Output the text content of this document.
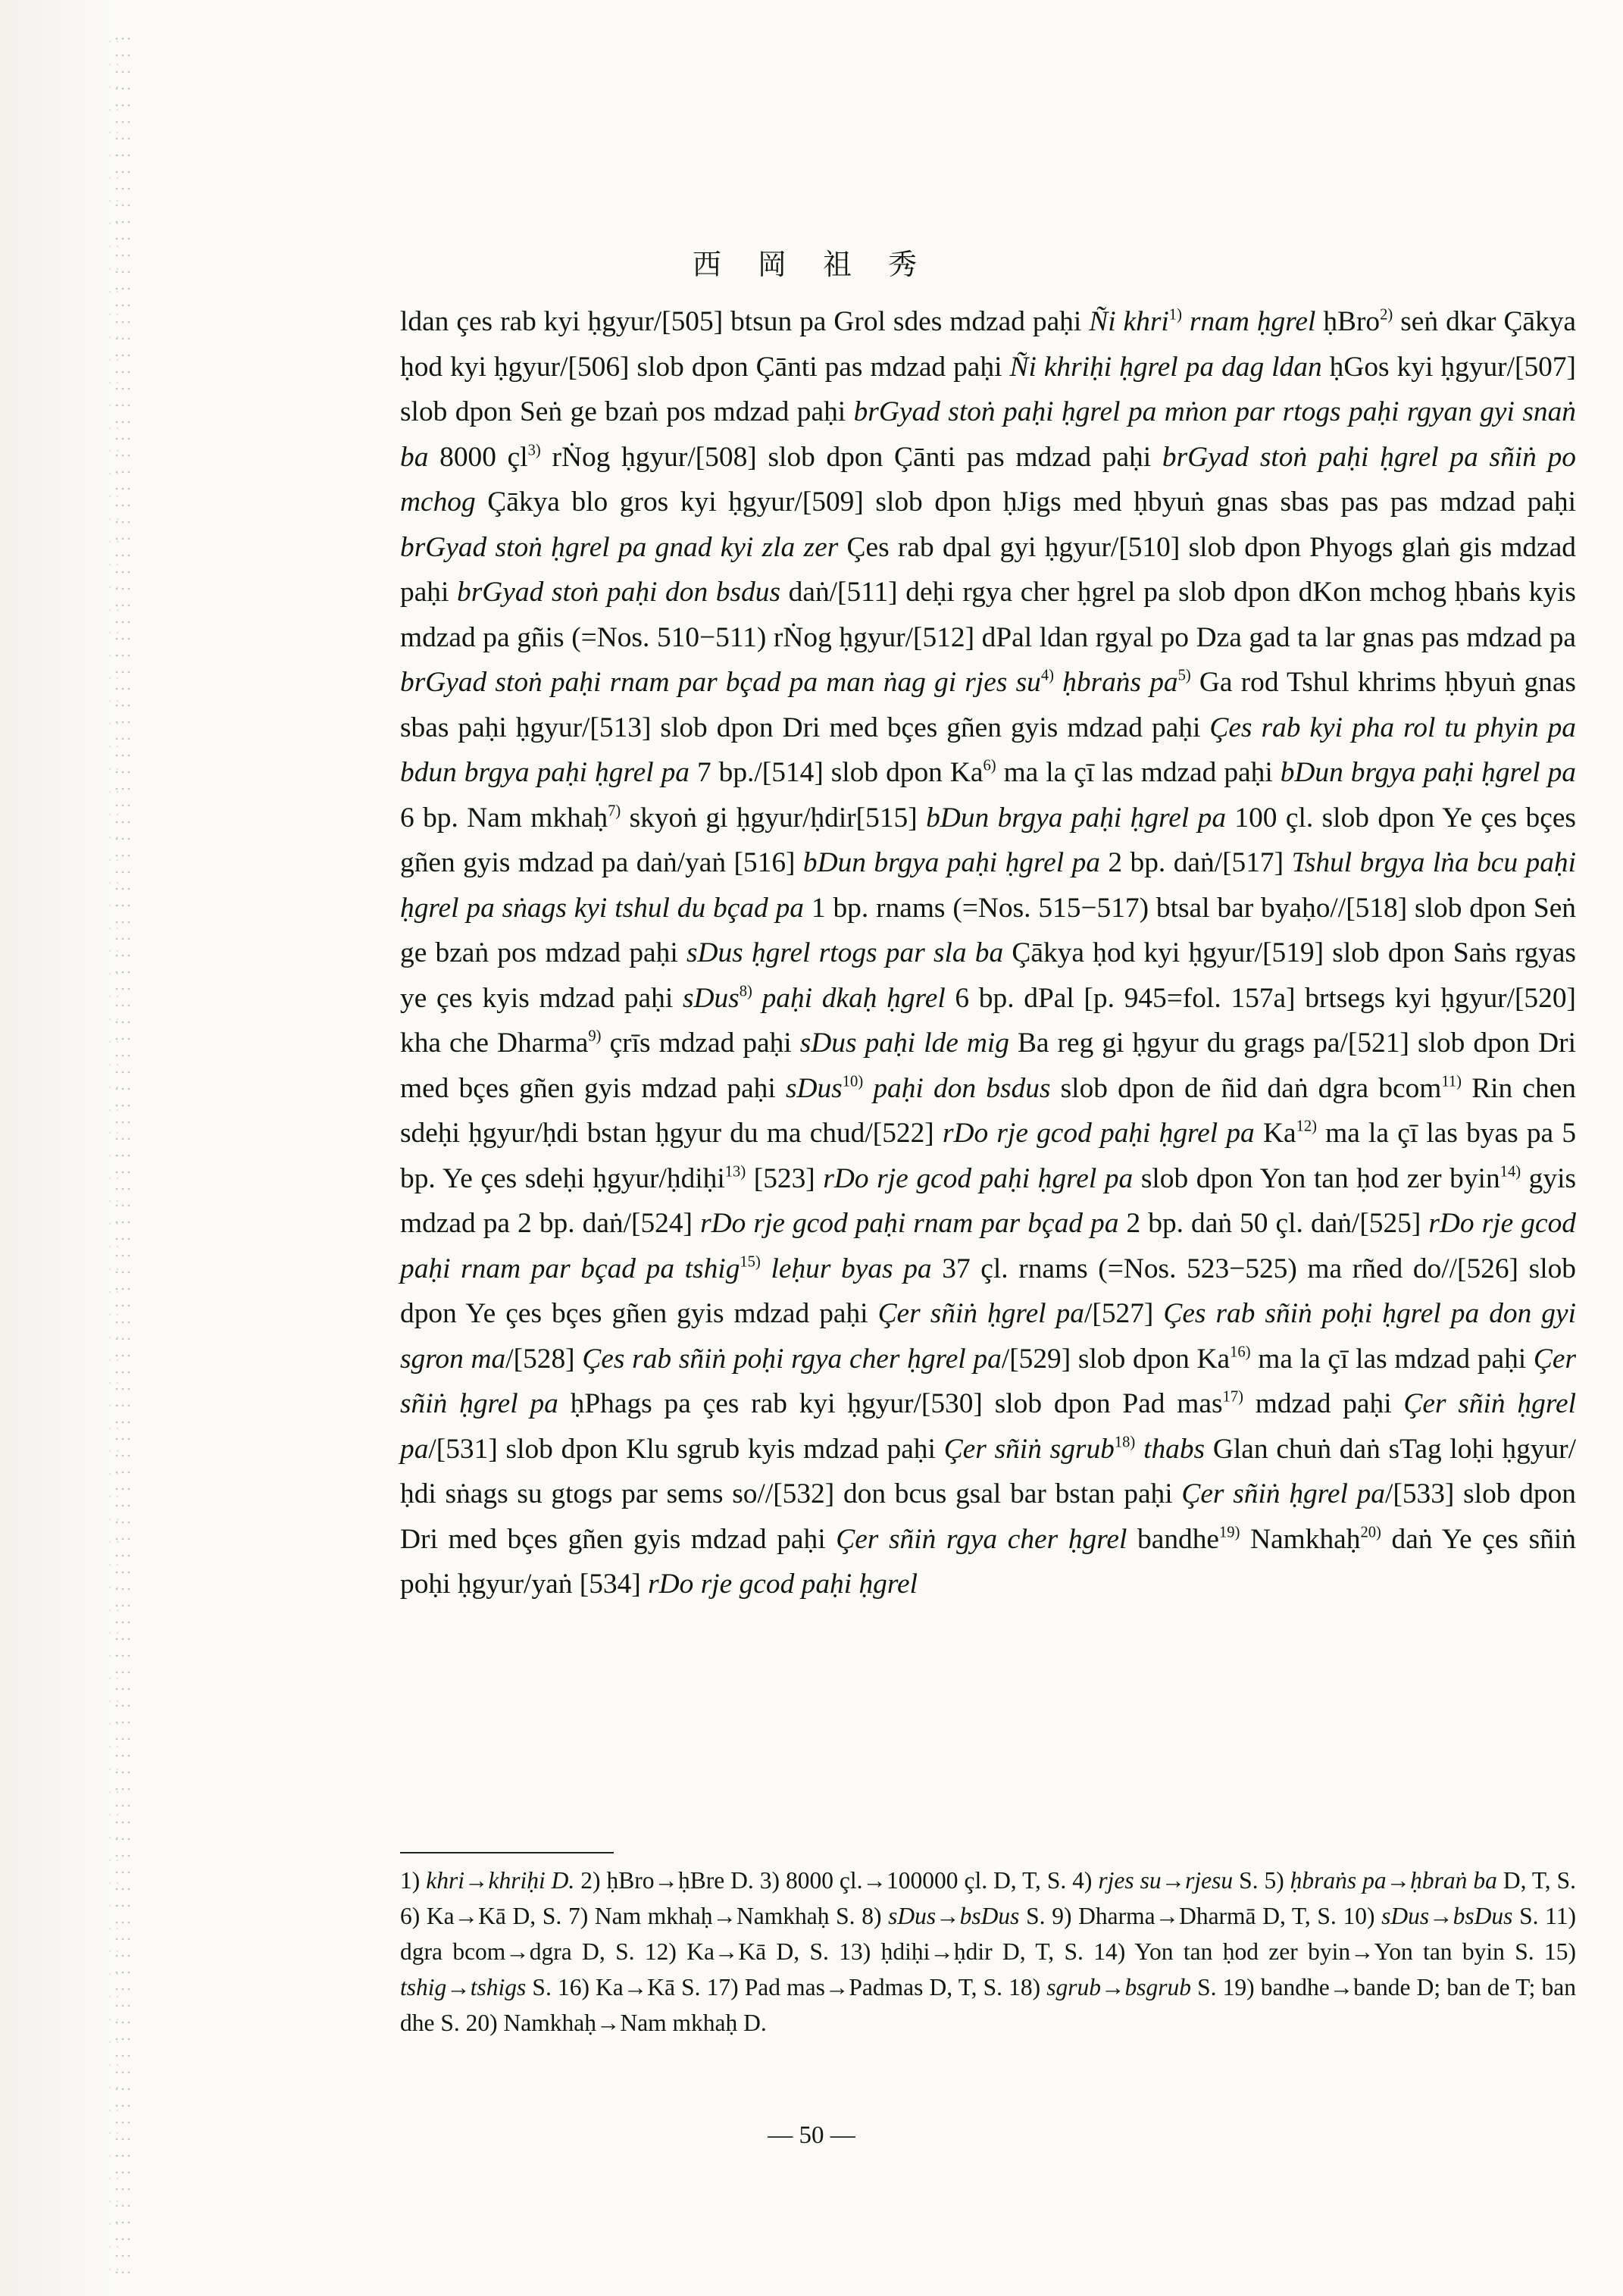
西 岡 祖 秀
ldan çes rab kyi ḥgyur/[505] btsun pa Grol sdes mdzad paḥi Ñi khri$^{1)}$ rnam ḥgrel ḥBro$^{2)}$ seṅ dkar Çākya ḥod kyi ḥgyur/[506] slob dpon Çānti pas mdzad paḥi Ñi khriḥi ḥgrel pa dag ldan ḥGos kyi ḥgyur/[507] slob dpon Seṅ ge bzaṅ pos mdzad paḥi brGyad stoṅ paḥi ḥgrel pa mṅon par rtogs paḥi rgyan gyi snaṅ ba 8000 $çl^{3)}$ rṄog ḥgyur/[508] slob dpon Çānti pas mdzad paḥi brGyad stoṅ paḥi ḥgrel pa sñiṅ po mchog Çākya blo gros kyi ḥgyur/[509] slob dpon ḥJigs med ḥbyuṅ gnas sbas pas pas mdzad paḥi brGyad stoṅ ḥgrel pa gnad kyi zla zer Çes rab dpal gyi ḥgyur/[510] slob dpon Phyogs glaṅ gis mdzad paḥi brGyad stoṅ paḥi don bsdus daṅ/[511] deḥi rgya cher ḥgrel pa slob dpon dKon mchog ḥbaṅs kyis mdzad pa gñis (=Nos. 510−511) rṄog ḥgyur/[512] dPal ldan rgyal po Dza gad ta lar gnas pas mdzad pa brGyad stoṅ paḥi rnam par bçad pa man ṅag gi rjes $su^{4)}$ ḥbraṅs $pa^{5)}$ Ga rod Tshul khrims ḥbyuṅ gnas sbas paḥi ḥgyur/[513] slob dpon Dri med bçes gñen gyis mdzad paḥi Çes rab kyi pha rol tu phyin pa bdun brgya paḥi ḥgrel pa 7 bp./[514] slob dpon Ka$^{6)}$ ma la çī las mdzad paḥi bDun brgya paḥi ḥgrel pa 6 bp. Nam mkhaḥ$^{7)}$ skyoṅ gi ḥgyur/ḥdir[515] bDun brgya paḥi ḥgrel pa 100 çl. slob dpon Ye çes bçes gñen gyis mdzad pa daṅ/yaṅ [516] bDun brgya paḥi ḥgrel pa 2 bp. daṅ/[517] Tshul brgya lṅa bcu paḥi ḥgrel pa sṅags kyi tshul du bçad pa 1 bp. rnams (=Nos. 515−517) btsal bar byaḥo//[518] slob dpon Seṅ ge bzaṅ pos mdzad paḥi sDus ḥgrel rtogs par sla ba Çākya ḥod kyi ḥgyur/[519] slob dpon Saṅs rgyas ye çes kyis mdzad paḥi sDus$^{8)}$ paḥi dkaḥ ḥgrel 6 bp. dPal [p. 945=fol. 157a] brtsegs kyi ḥgyur/[520] kha che Dharma$^{9)}$ çrīs mdzad paḥi sDus paḥi lde mig Ba reg gi ḥgyur du grags pa/[521] slob dpon Dri med bçes gñen gyis mdzad paḥi sDus$^{10)}$ paḥi don bsdus slob dpon de ñid daṅ dgra bcom$^{11)}$ Rin chen sdeḥi ḥgyur/ḥdi bstan ḥgyur du ma chud/[522] rDo rje gcod paḥi ḥgrel pa Ka$^{12)}$ ma la çī las byas pa 5 bp. Ye çes sdeḥi ḥgyur/ḥdiḥi$^{13)}$ [523] rDo rje gcod paḥi ḥgrel pa slob dpon Yon tan ḥod zer byin$^{14)}$ gyis mdzad pa 2 bp. daṅ/[524] rDo rje gcod paḥi rnam par bçad pa 2 bp. daṅ 50 çl. daṅ/[525] rDo rje gcod paḥi rnam par bçad pa tshig$^{15)}$ leḥur byas pa 37 çl. rnams (=Nos. 523−525) ma rñed do//[526] slob dpon Ye çes bçes gñen gyis mdzad paḥi Çer sñiṅ ḥgrel pa/[527] Çes rab sñiṅ poḥi ḥgrel pa don gyi sgron ma/[528] Çes rab sñiṅ poḥi rgya cher ḥgrel pa/[529] slob dpon Ka$^{16)}$ ma la çī las mdzad paḥi Çer sñiṅ ḥgrel pa ḥPhags pa çes rab kyi ḥgyur/[530] slob dpon Pad mas$^{17)}$ mdzad paḥi Çer sñiṅ ḥgrel pa/[531] slob dpon Klu sgrub kyis mdzad paḥi Çer sñiṅ sgrub$^{18)}$ thabs Glan chuṅ daṅ sTag loḥi ḥgyur/ḥdi sṅags su gtogs par sems so//[532] don bcus gsal bar bstan paḥi Çer sñiṅ ḥgrel pa/[533] slob dpon Dri med bçes gñen gyis mdzad paḥi Çer sñiṅ rgya cher ḥgrel bandhe$^{19)}$ Namkhaḥ$^{20)}$ daṅ Ye çes sñiṅ poḥi ḥgyur/yaṅ [534] rDo rje gcod paḥi ḥgrel
1) khri→khriḥi D. 2) ḥBro→ḥBre D. 3) 8000 çl.→100000 çl. D, T, S. 4) rjes su→rjesu S. 5) ḥbraṅs pa→ḥbraṅ ba D, T, S. 6) Ka→Kā D, S. 7) Nam mkhaḥ→Namkhaḥ S. 8) sDus→bsDus S. 9) Dharma→Dharmā D, T, S. 10) sDus→bsDus S. 11) dgra bcom→dgra D, S. 12) Ka→Kā D, S. 13) ḥdiḥi→ḥdir D, T, S. 14) Yon tan ḥod zer byin→Yon tan byin S. 15) tshig→tshigs S. 16) Ka→Kā S. 17) Pad mas→Padmas D, T, S. 18) sgrub→bsgrub S. 19) bandhe→bande D; ban de T; ban dhe S. 20) Namkhaḥ→Nam mkhaḥ D.
— 50 —
